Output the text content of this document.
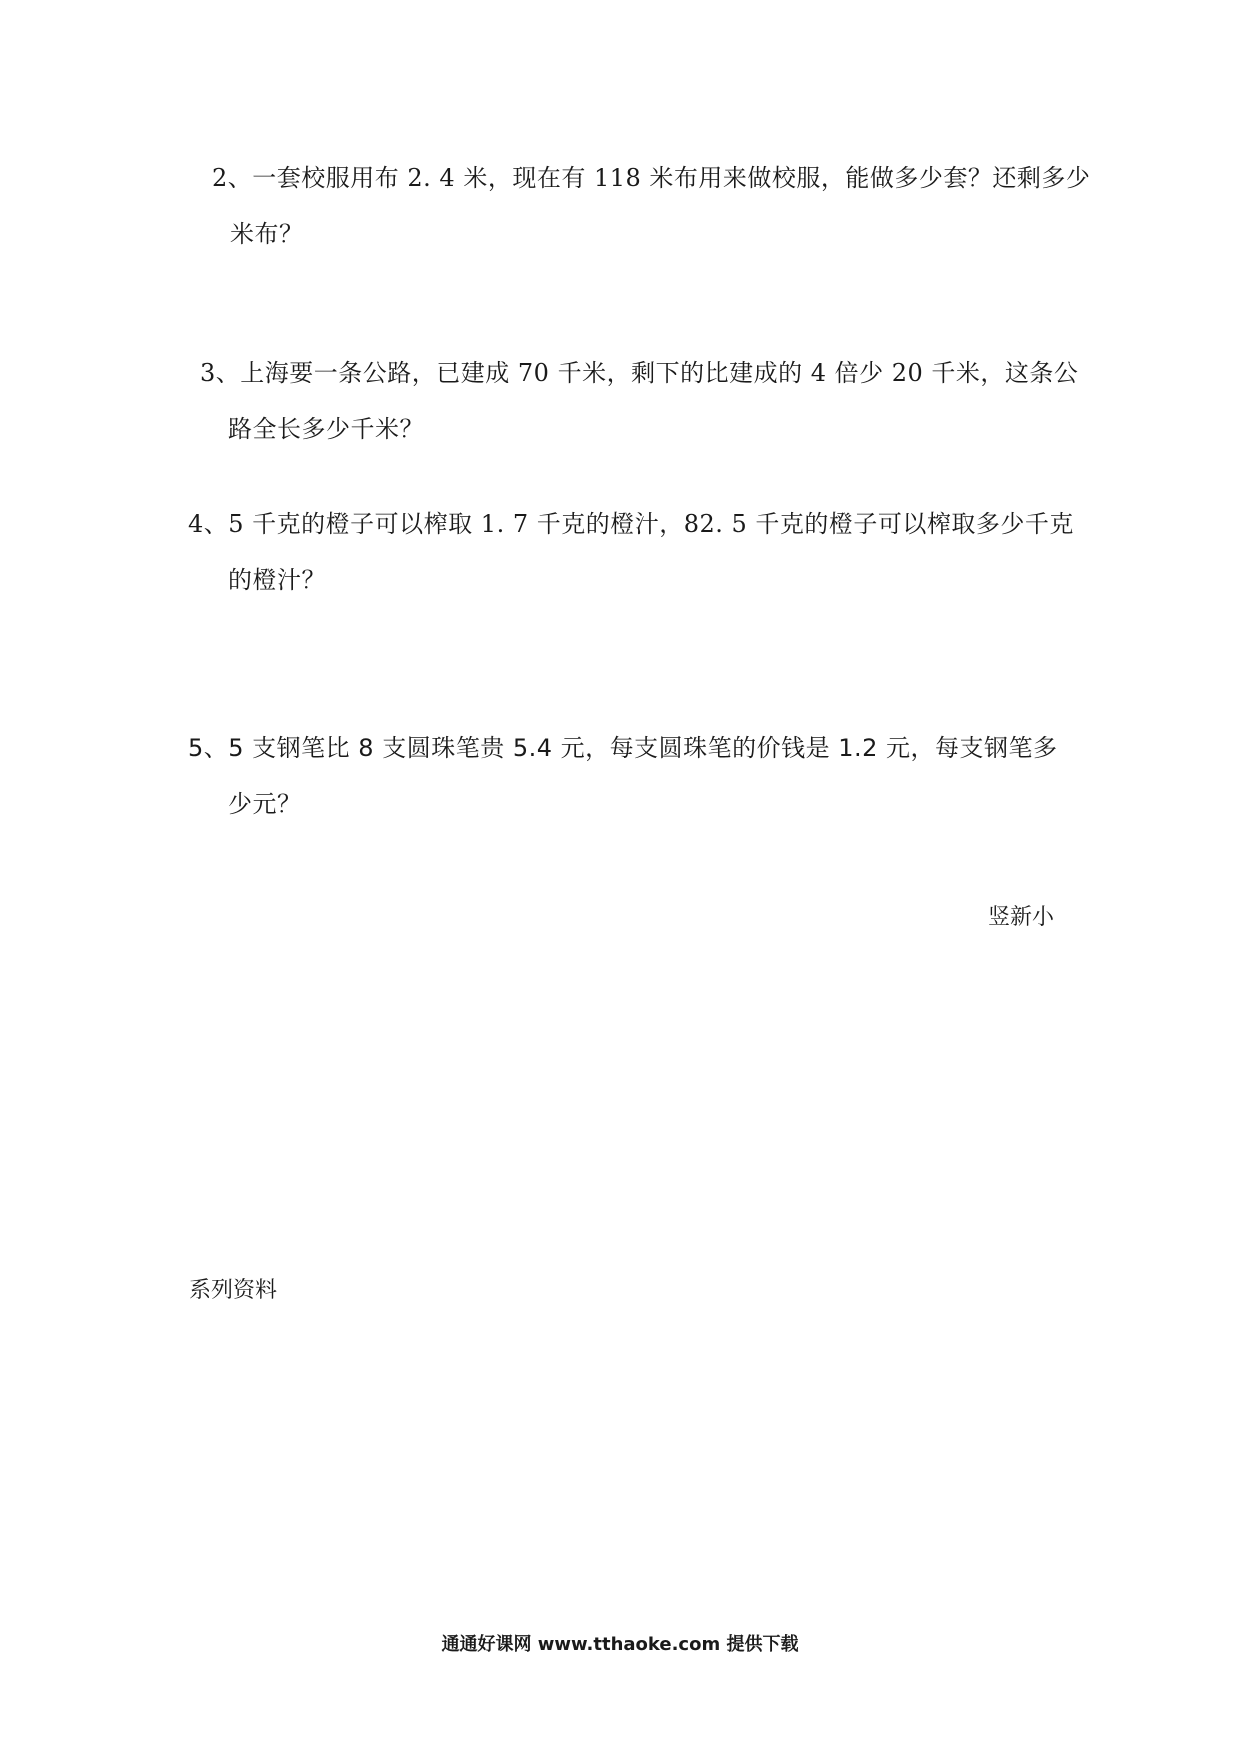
2、一套校服用布 2. 4 米，现在有 118 米布用来做校服，能做多少套？还剩多少
米布？
3、上海要一条公路，已建成 70 千米，剩下的比建成的 4 倍少 20 千米，这条公
路全长多少千米？
4、5 千克的橙子可以榨取 1. 7 千克的橙汁，82. 5 千克的橙子可以榨取多少千克
的橙汁？
5、5 支钢笔比 8 支圆珠笔贵 5.4 元，每支圆珠笔的价钱是 1.2 元，每支钢笔多
少元？
竖新小
系列资料
通通好课网 www.tthaoke.com 提供下载
